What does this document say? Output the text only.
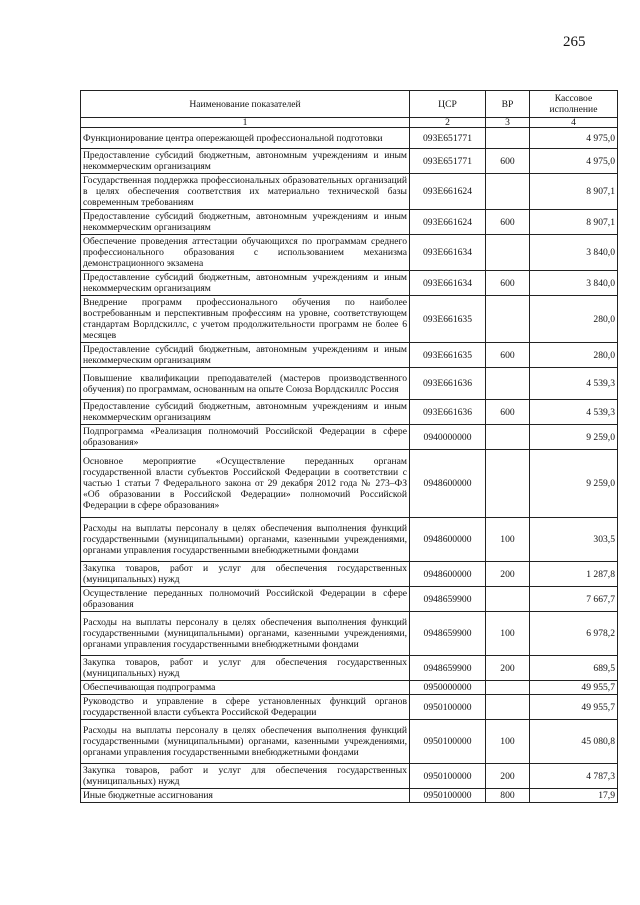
265
Наименование показателей	ЦСР	ВР	Кассовое исполнение
1	2	3	4
Функционирование центра опережающей профессиональной подготовки	093E651771		4 975,0
Предоставление субсидий бюджетным, автономным учреждениям и иным некоммерческим организациям	093E651771	600	4 975,0
Государственная поддержка профессиональных образовательных организаций в целях обеспечения соответствия их материально технической базы современным требованиям	093E661624		8 907,1
Предоставление субсидий бюджетным, автономным учреждениям и иным некоммерческим организациям	093E661624	600	8 907,1
Обеспечение проведения аттестации обучающихся по программам среднего профессионального образования с использованием механизма демонстрационного экзамена	093E661634		3 840,0
Предоставление субсидий бюджетным, автономным учреждениям и иным некоммерческим организациям	093E661634	600	3 840,0
Внедрение программ профессионального обучения по наиболее востребованным и перспективным профессиям на уровне, соответствующем стандартам Ворлдскиллс, с учетом продолжительности программ не более 6 месяцев	093E661635		280,0
Предоставление субсидий бюджетным, автономным учреждениям и иным некоммерческим организациям	093E661635	600	280,0
Повышение квалификации преподавателей (мастеров производственного обучения) по программам, основанным на опыте Союза Ворлдскиллс Россия	093E661636		4 539,3
Предоставление субсидий бюджетным, автономным учреждениям и иным некоммерческим организациям	093E661636	600	4 539,3
Подпрограмма «Реализация полномочий Российской Федерации в сфере образования»	0940000000		9 259,0
Основное мероприятие «Осуществление переданных органам государственной власти субъектов Российской Федерации в соответствии с частью 1 статьи 7 Федерального закона от 29 декабря 2012 года № 273–ФЗ «Об образовании в Российской Федерации» полномочий Российской Федерации в сфере образования»	0948600000		9 259,0
Расходы на выплаты персоналу в целях обеспечения выполнения функций государственными (муниципальными) органами, казенными учреждениями, органами управления государственными внебюджетными фондами	0948600000	100	303,5
Закупка товаров, работ и услуг для обеспечения государственных (муниципальных) нужд	0948600000	200	1 287,8
Осуществление переданных полномочий Российской Федерации в сфере образования	0948659900		7 667,7
Расходы на выплаты персоналу в целях обеспечения выполнения функций государственными (муниципальными) органами, казенными учреждениями, органами управления государственными внебюджетными фондами	0948659900	100	6 978,2
Закупка товаров, работ и услуг для обеспечения государственных (муниципальных) нужд	0948659900	200	689,5
Обеспечивающая подпрограмма	0950000000		49 955,7
Руководство и управление в сфере установленных функций органов государственной власти субъекта Российской Федерации	0950100000		49 955,7
Расходы на выплаты персоналу в целях обеспечения выполнения функций государственными (муниципальными) органами, казенными учреждениями, органами управления государственными внебюджетными фондами	0950100000	100	45 080,8
Закупка товаров, работ и услуг для обеспечения государственных (муниципальных) нужд	0950100000	200	4 787,3
Иные бюджетные ассигнования	0950100000	800	17,9
